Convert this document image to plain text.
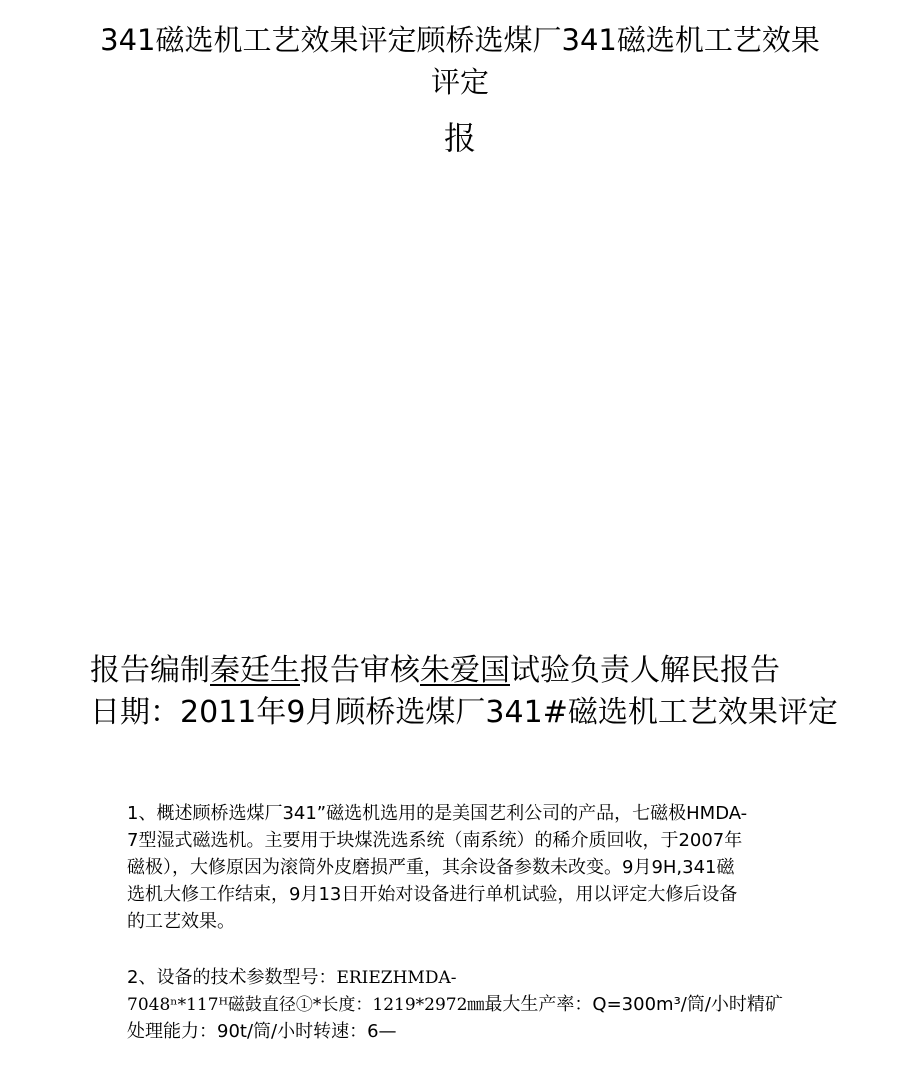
341磁选机工艺效果评定顾桥选煤厂341磁选机工艺效果
评定
报

报告编制秦廷生报告审核朱爱国试验负责人解民报告

日期：2011年9月顾桥选煤厂341#磁选机工艺效果评定

1、概述顾桥选煤厂341”磁选机选用的是美国艺利公司的产品，七磁极HMDA-

7型湿式磁选机。主要用于块煤洗选系统（南系统）的稀介质回收，于2007年

磁极），大修原因为滚筒外皮磨损严重，其余设备参数未改变。9月9H,341磁

选机大修工作结束，9月13日开始对设备进行单机试验，用以评定大修后设备

的工艺效果。

2、设备的技术参数型号：ERIEZHMDA-

7048ⁿ*117ᴴ磁鼓直径①*长度：1219*2972㎜最大生产率：Q=300m³/筒/小时精矿

处理能力：90t/筒/小时转速：6—
